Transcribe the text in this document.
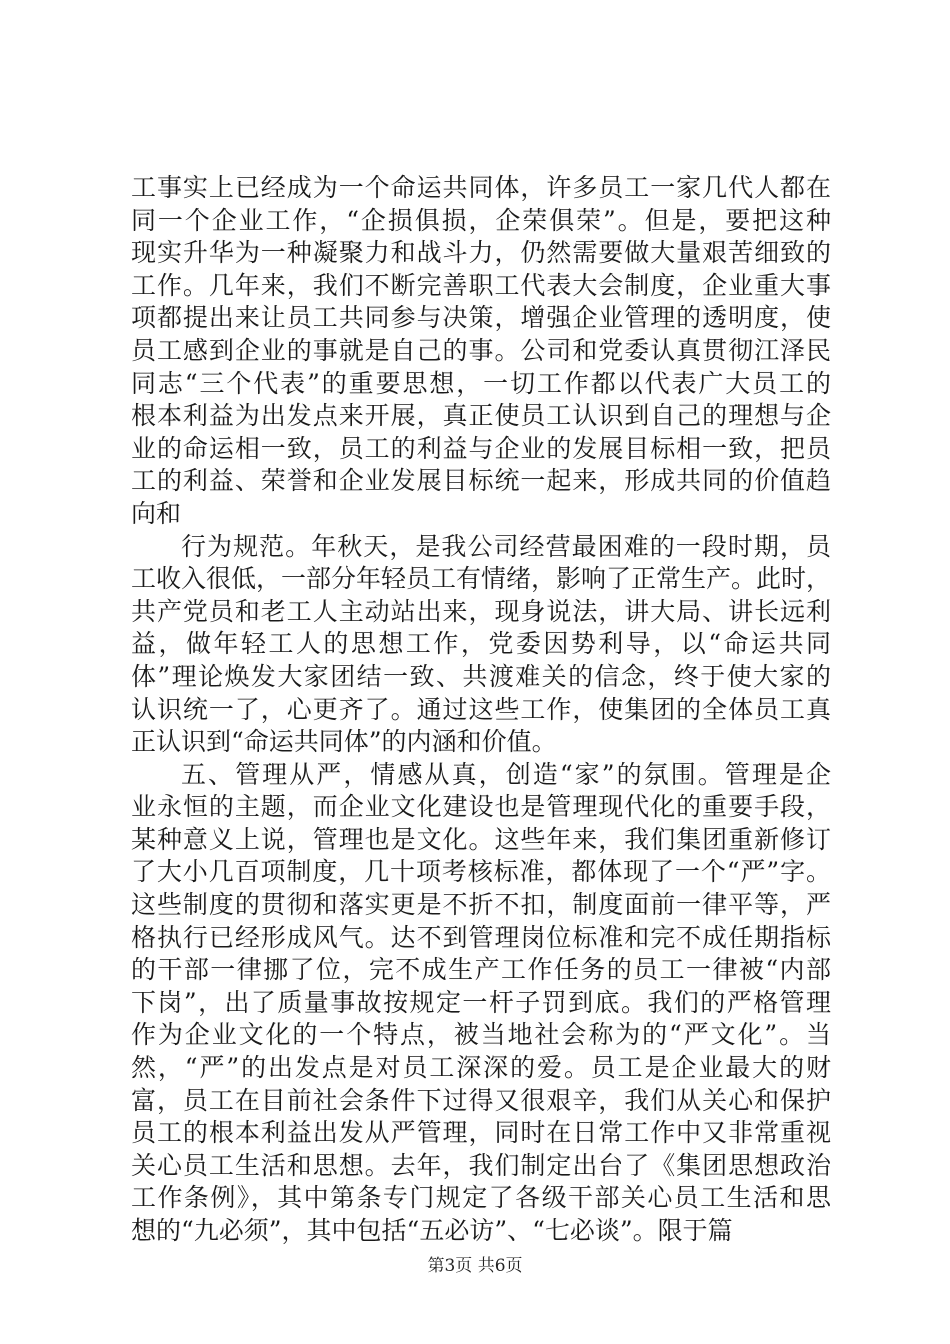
工事实上已经成为一个命运共同体，许多员工一家几代人都在
同一个企业工作，“企损俱损，企荣俱荣”。但是，要把这种
现实升华为一种凝聚力和战斗力，仍然需要做大量艰苦细致的
工作。几年来，我们不断完善职工代表大会制度，企业重大事
项都提出来让员工共同参与决策，增强企业管理的透明度，使
员工感到企业的事就是自己的事。公司和党委认真贯彻江泽民
同志“三个代表”的重要思想，一切工作都以代表广大员工的
根本利益为出发点来开展，真正使员工认识到自己的理想与企
业的命运相一致，员工的利益与企业的发展目标相一致，把员
工的利益、荣誉和企业发展目标统一起来，形成共同的价值趋
向和
行为规范。年秋天，是我公司经营最困难的一段时期，员
工收入很低，一部分年轻员工有情绪，影响了正常生产。此时，
共产党员和老工人主动站出来，现身说法，讲大局、讲长远利
益，做年轻工人的思想工作，党委因势利导，以“命运共同
体”理论焕发大家团结一致、共渡难关的信念，终于使大家的
认识统一了，心更齐了。通过这些工作，使集团的全体员工真
正认识到“命运共同体”的内涵和价值。
五、管理从严，情感从真，创造“家”的氛围。管理是企
业永恒的主题，而企业文化建设也是管理现代化的重要手段，
某种意义上说，管理也是文化。这些年来，我们集团重新修订
了大小几百项制度，几十项考核标准，都体现了一个“严”字。
这些制度的贯彻和落实更是不折不扣，制度面前一律平等，严
格执行已经形成风气。达不到管理岗位标准和完不成任期指标
的干部一律挪了位，完不成生产工作任务的员工一律被“内部
下岗”，出了质量事故按规定一杆子罚到底。我们的严格管理
作为企业文化的一个特点，被当地社会称为的“严文化”。当
然，“严”的出发点是对员工深深的爱。员工是企业最大的财
富，员工在目前社会条件下过得又很艰辛，我们从关心和保护
员工的根本利益出发从严管理，同时在日常工作中又非常重视
关心员工生活和思想。去年，我们制定出台了《集团思想政治
工作条例》，其中第条专门规定了各级干部关心员工生活和思
想的“九必须”，其中包括“五必访”、“七必谈”。限于篇
第3页 共6页
